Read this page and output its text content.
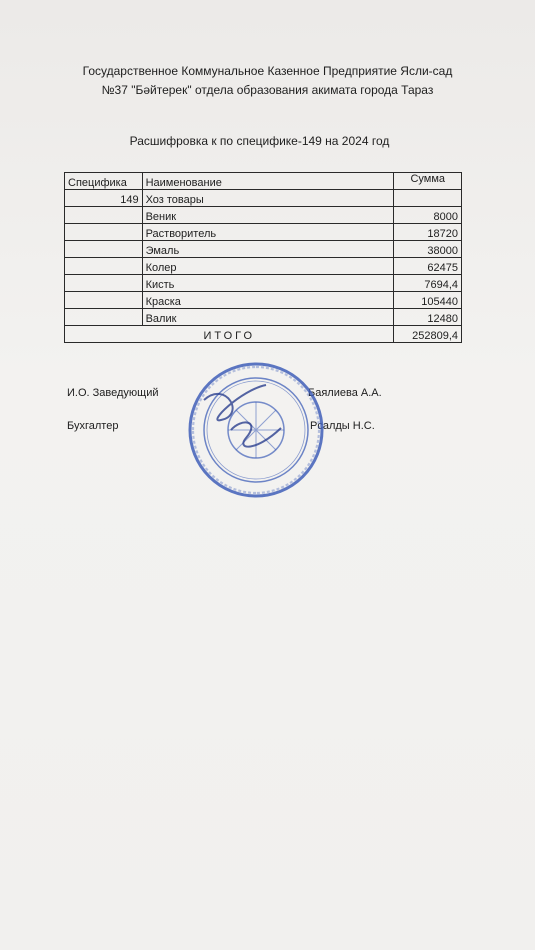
Государственное Коммунальное Казенное Предприятие Ясли-сад
№37 "Бәйтерек" отдела образования акимата города Тараз
Расшифровка к по специфике-149 на 2024 год
Специфика	Наименование	Сумма
149	Хоз товары	
	Веник	8000
	Растворитель	18720
	Эмаль	38000
	Колер	62475
	Кисть	7694,4
	Краска	105440
	Валик	12480
ИТОГО		252809,4
И.О. Заведующий	Баялиева А.А.
Бухгалтер	Рсалды Н.С.
